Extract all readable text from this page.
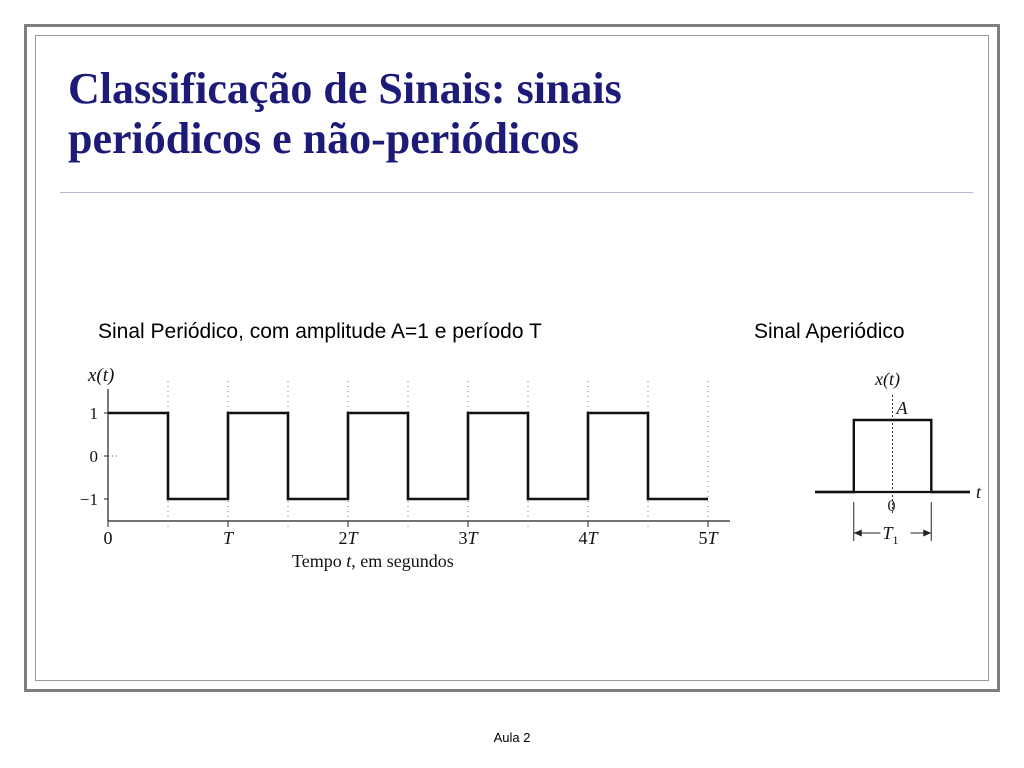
Classificação de Sinais: sinais
periódicos e não-periódicos
Sinal Periódico, com amplitude A=1 e período T	Sinal Aperiódico
x(t)
1
0
−1
0	T	2T	3T	4T	5T
Tempo t, em segundos
x(t)
A
t
0
$T_1$
Aula 2
